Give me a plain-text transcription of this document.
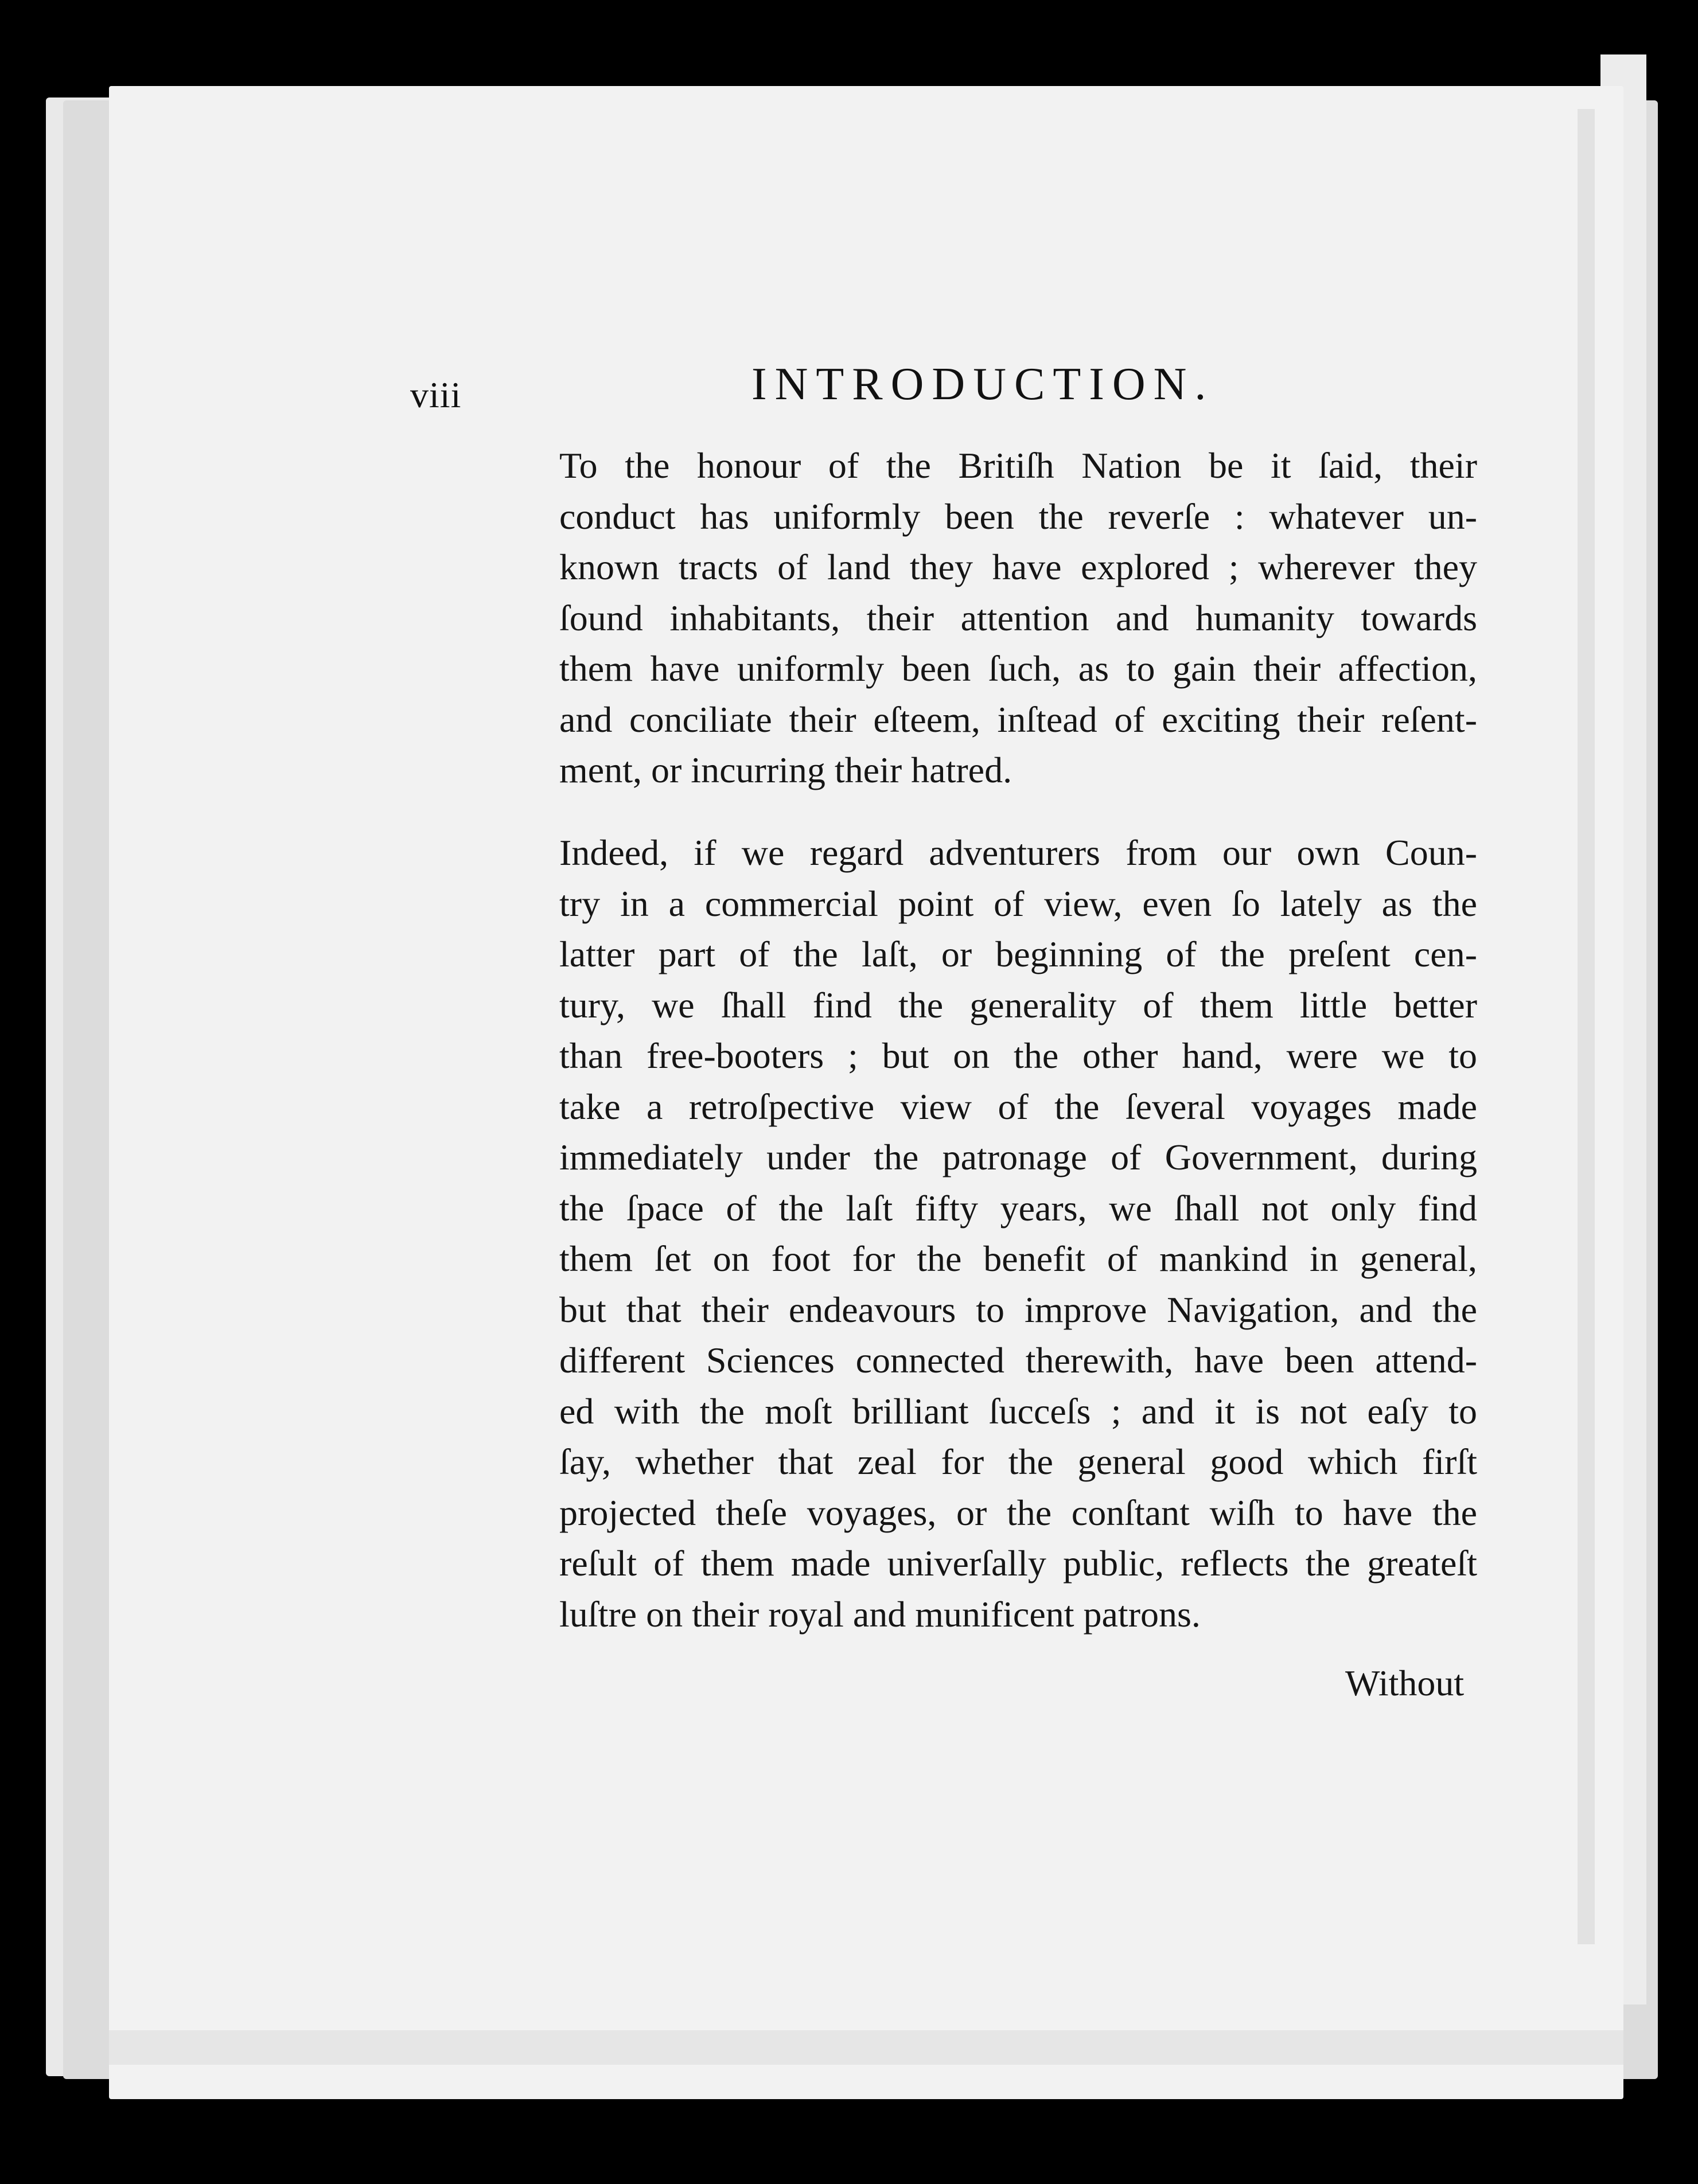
viii	INTRODUCTION.
To the honour of the Britiſh Nation be it ſaid, their
conduct has uniformly been the reverſe : whatever un-
known tracts of land they have explored ; wherever they
ſound inhabitants, their attention and humanity towards
them have uniformly been ſuch, as to gain their affection,
and conciliate their eſteem, inſtead of exciting their reſent-
ment, or incurring their hatred.
Indeed, if we regard adventurers from our own Coun-
try in a commercial point of view, even ſo lately as the
latter part of the laſt, or beginning of the preſent cen-
tury, we ſhall find the generality of them little better
than free-booters ; but on the other hand, were we to
take a retroſpective view of the ſeveral voyages made
immediately under the patronage of Government, during
the ſpace of the laſt fifty years, we ſhall not only find
them ſet on foot for the benefit of mankind in general,
but that their endeavours to improve Navigation, and the
different Sciences connected therewith, have been attend-
ed with the moſt brilliant ſucceſs ; and it is not eaſy to
ſay, whether that zeal for the general good which firſt
projected theſe voyages, or the conſtant wiſh to have the
reſult of them made univerſally public, reflects the greateſt
luſtre on their royal and munificent patrons.
Without
